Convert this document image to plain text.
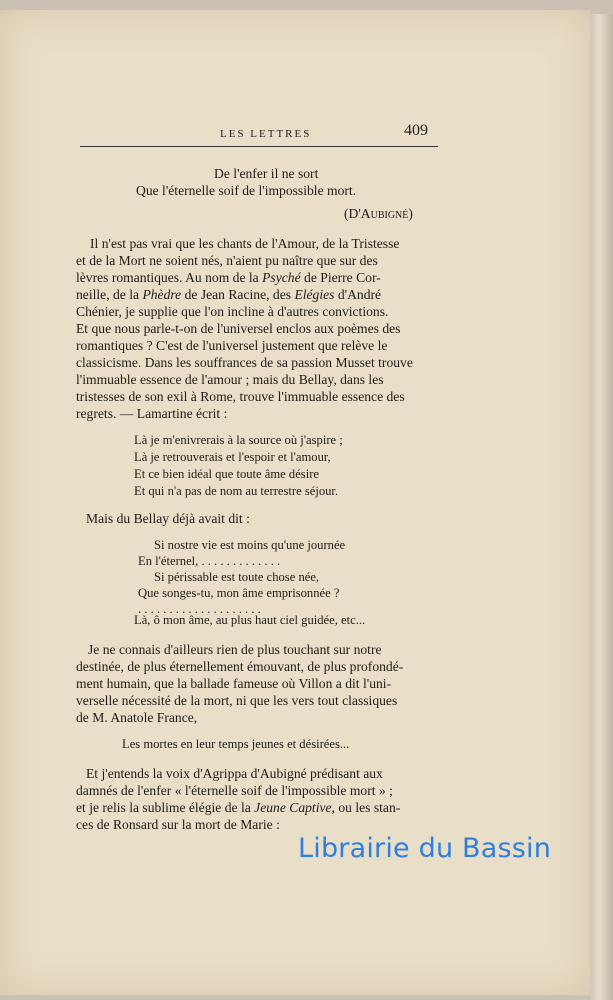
LES LETTRES	409
De l'enfer il ne sort
Que l'éternelle soif de l'impossible mort.
(D'Aubigné)
Il n'est pas vrai que les chants de l'Amour, de la Tristesse
et de la Mort ne soient nés, n'aient pu naître que sur des
lèvres romantiques. Au nom de la Psyché de Pierre Cor-
neille, de la Phèdre de Jean Racine, des Elégies d'André
Chénier, je supplie que l'on incline à d'autres convictions.
Et que nous parle-t-on de l'universel enclos aux poèmes des
romantiques ? C'est de l'universel justement que relève le
classicisme. Dans les souffrances de sa passion Musset trouve
l'immuable essence de l'amour ; mais du Bellay, dans les
tristesses de son exil à Rome, trouve l'immuable essence des
regrets. — Lamartine écrit :
Là je m'enivrerais à la source où j'aspire ;
Là je retrouverais et l'espoir et l'amour,
Et ce bien idéal que toute âme désire
Et qui n'a pas de nom au terrestre séjour.
Mais du Bellay déjà avait dit :
Si nostre vie est moins qu'une journée
En l'éternel, . . . . . . . . . . . . .
Si périssable est toute chose née,
Que songes-tu, mon âme emprisonnée ?
. . . . . . . . . . . . . . . . . . . .
Là, ô mon âme, au plus haut ciel guidée, etc...
Je ne connais d'ailleurs rien de plus touchant sur notre
destinée, de plus éternellement émouvant, de plus profondé-
ment humain, que la ballade fameuse où Villon a dit l'uni-
verselle nécessité de la mort, ni que les vers tout classiques
de M. Anatole France,
Les mortes en leur temps jeunes et désirées...
Et j'entends la voix d'Agrippa d'Aubigné prédisant aux
damnés de l'enfer « l'éternelle soif de l'impossible mort » ;
et je relis la sublime élégie de la Jeune Captive, ou les stan-
ces de Ronsard sur la mort de Marie :
Librairie du Bassin
